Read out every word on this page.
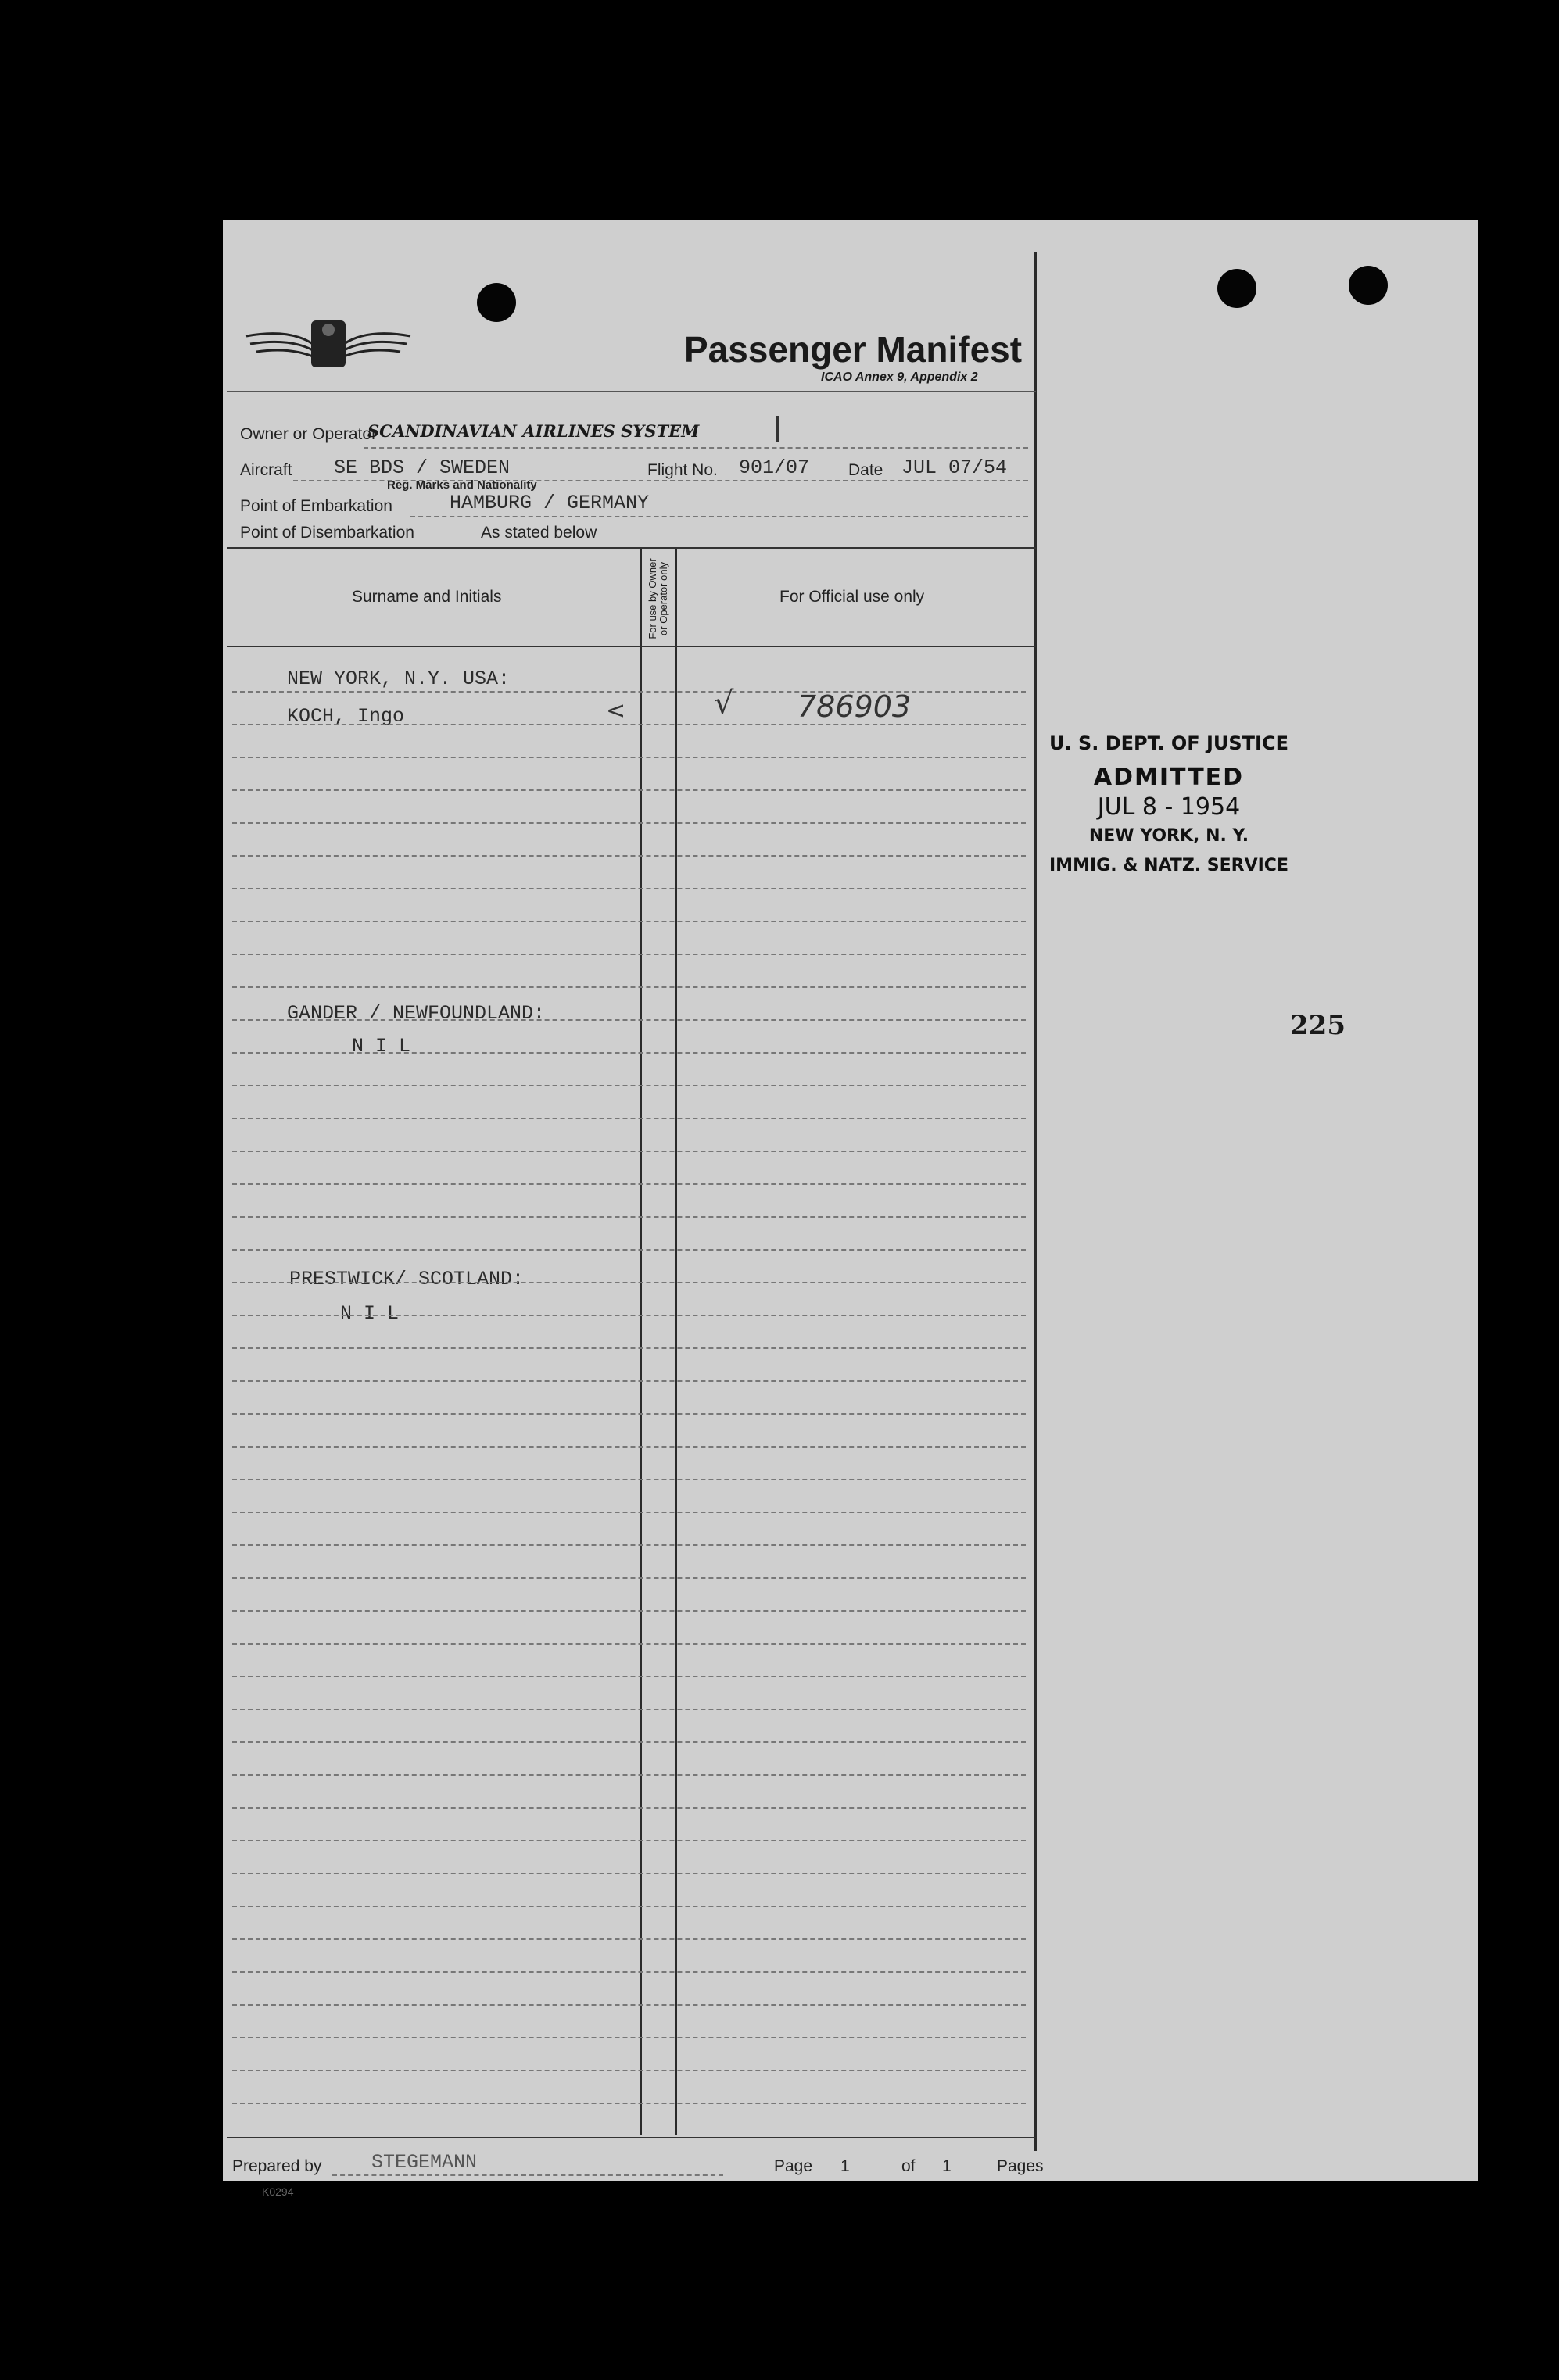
Passenger Manifest
ICAO Annex 9, Appendix 2
Owner or Operator
SCANDINAVIAN AIRLINES SYSTEM
Aircraft SE BDS / SWEDEN
Reg. Marks and Nationality
Flight No. 901/07 Date JUL 07/54
Point of Embarkation	HAMBURG / GERMANY
Point of Disembarkation	As stated below
Surname and Initials	For use by Owner or Operator only	For Official use only
NEW YORK, N.Y. USA:
KOCH, Ingo	<	√ 786903
GANDER / NEWFOUNDLAND:
N I L
PRESTWICK/ SCOTLAND:
N I L
Prepared by	STEGEMANN	Page 1	of 1	Pages
K0294
U. S. DEPT. OF JUSTICE
ADMITTED
JUL 8 - 1954
NEW YORK, N. Y.
IMMIG. & NATZ. SERVICE
225
